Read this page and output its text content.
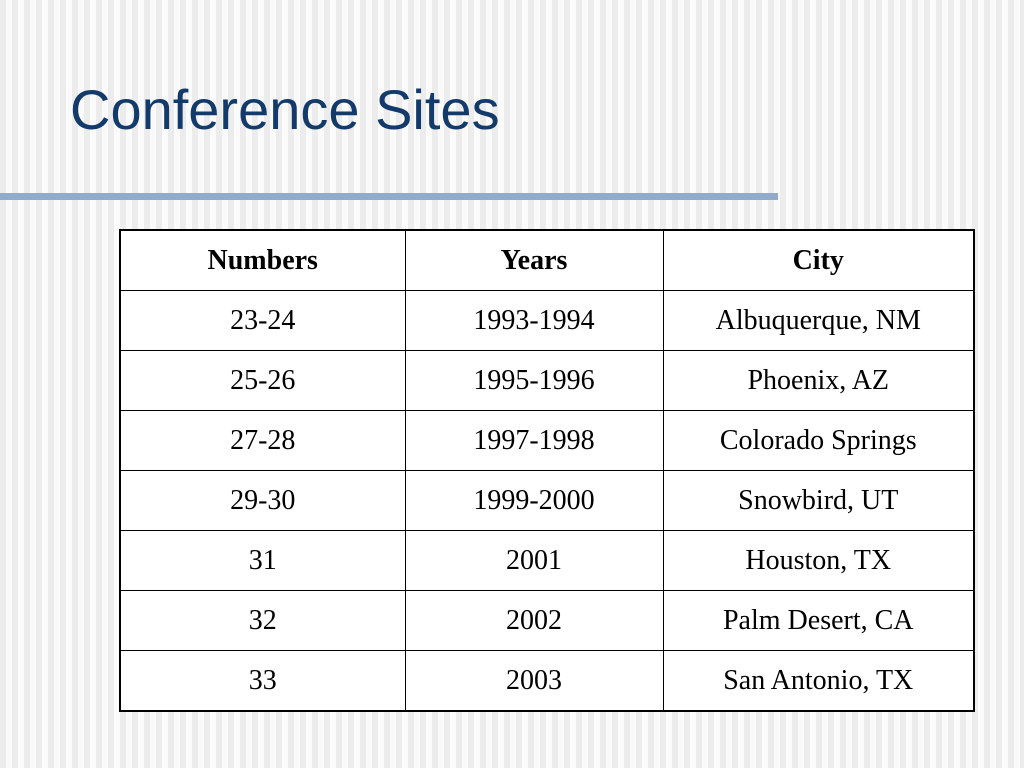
Conference Sites
Numbers	Years	City
23-24	1993-1994	Albuquerque, NM
25-26	1995-1996	Phoenix, AZ
27-28	1997-1998	Colorado Springs
29-30	1999-2000	Snowbird, UT
31	2001	Houston, TX
32	2002	Palm Desert, CA
33	2003	San Antonio, TX
